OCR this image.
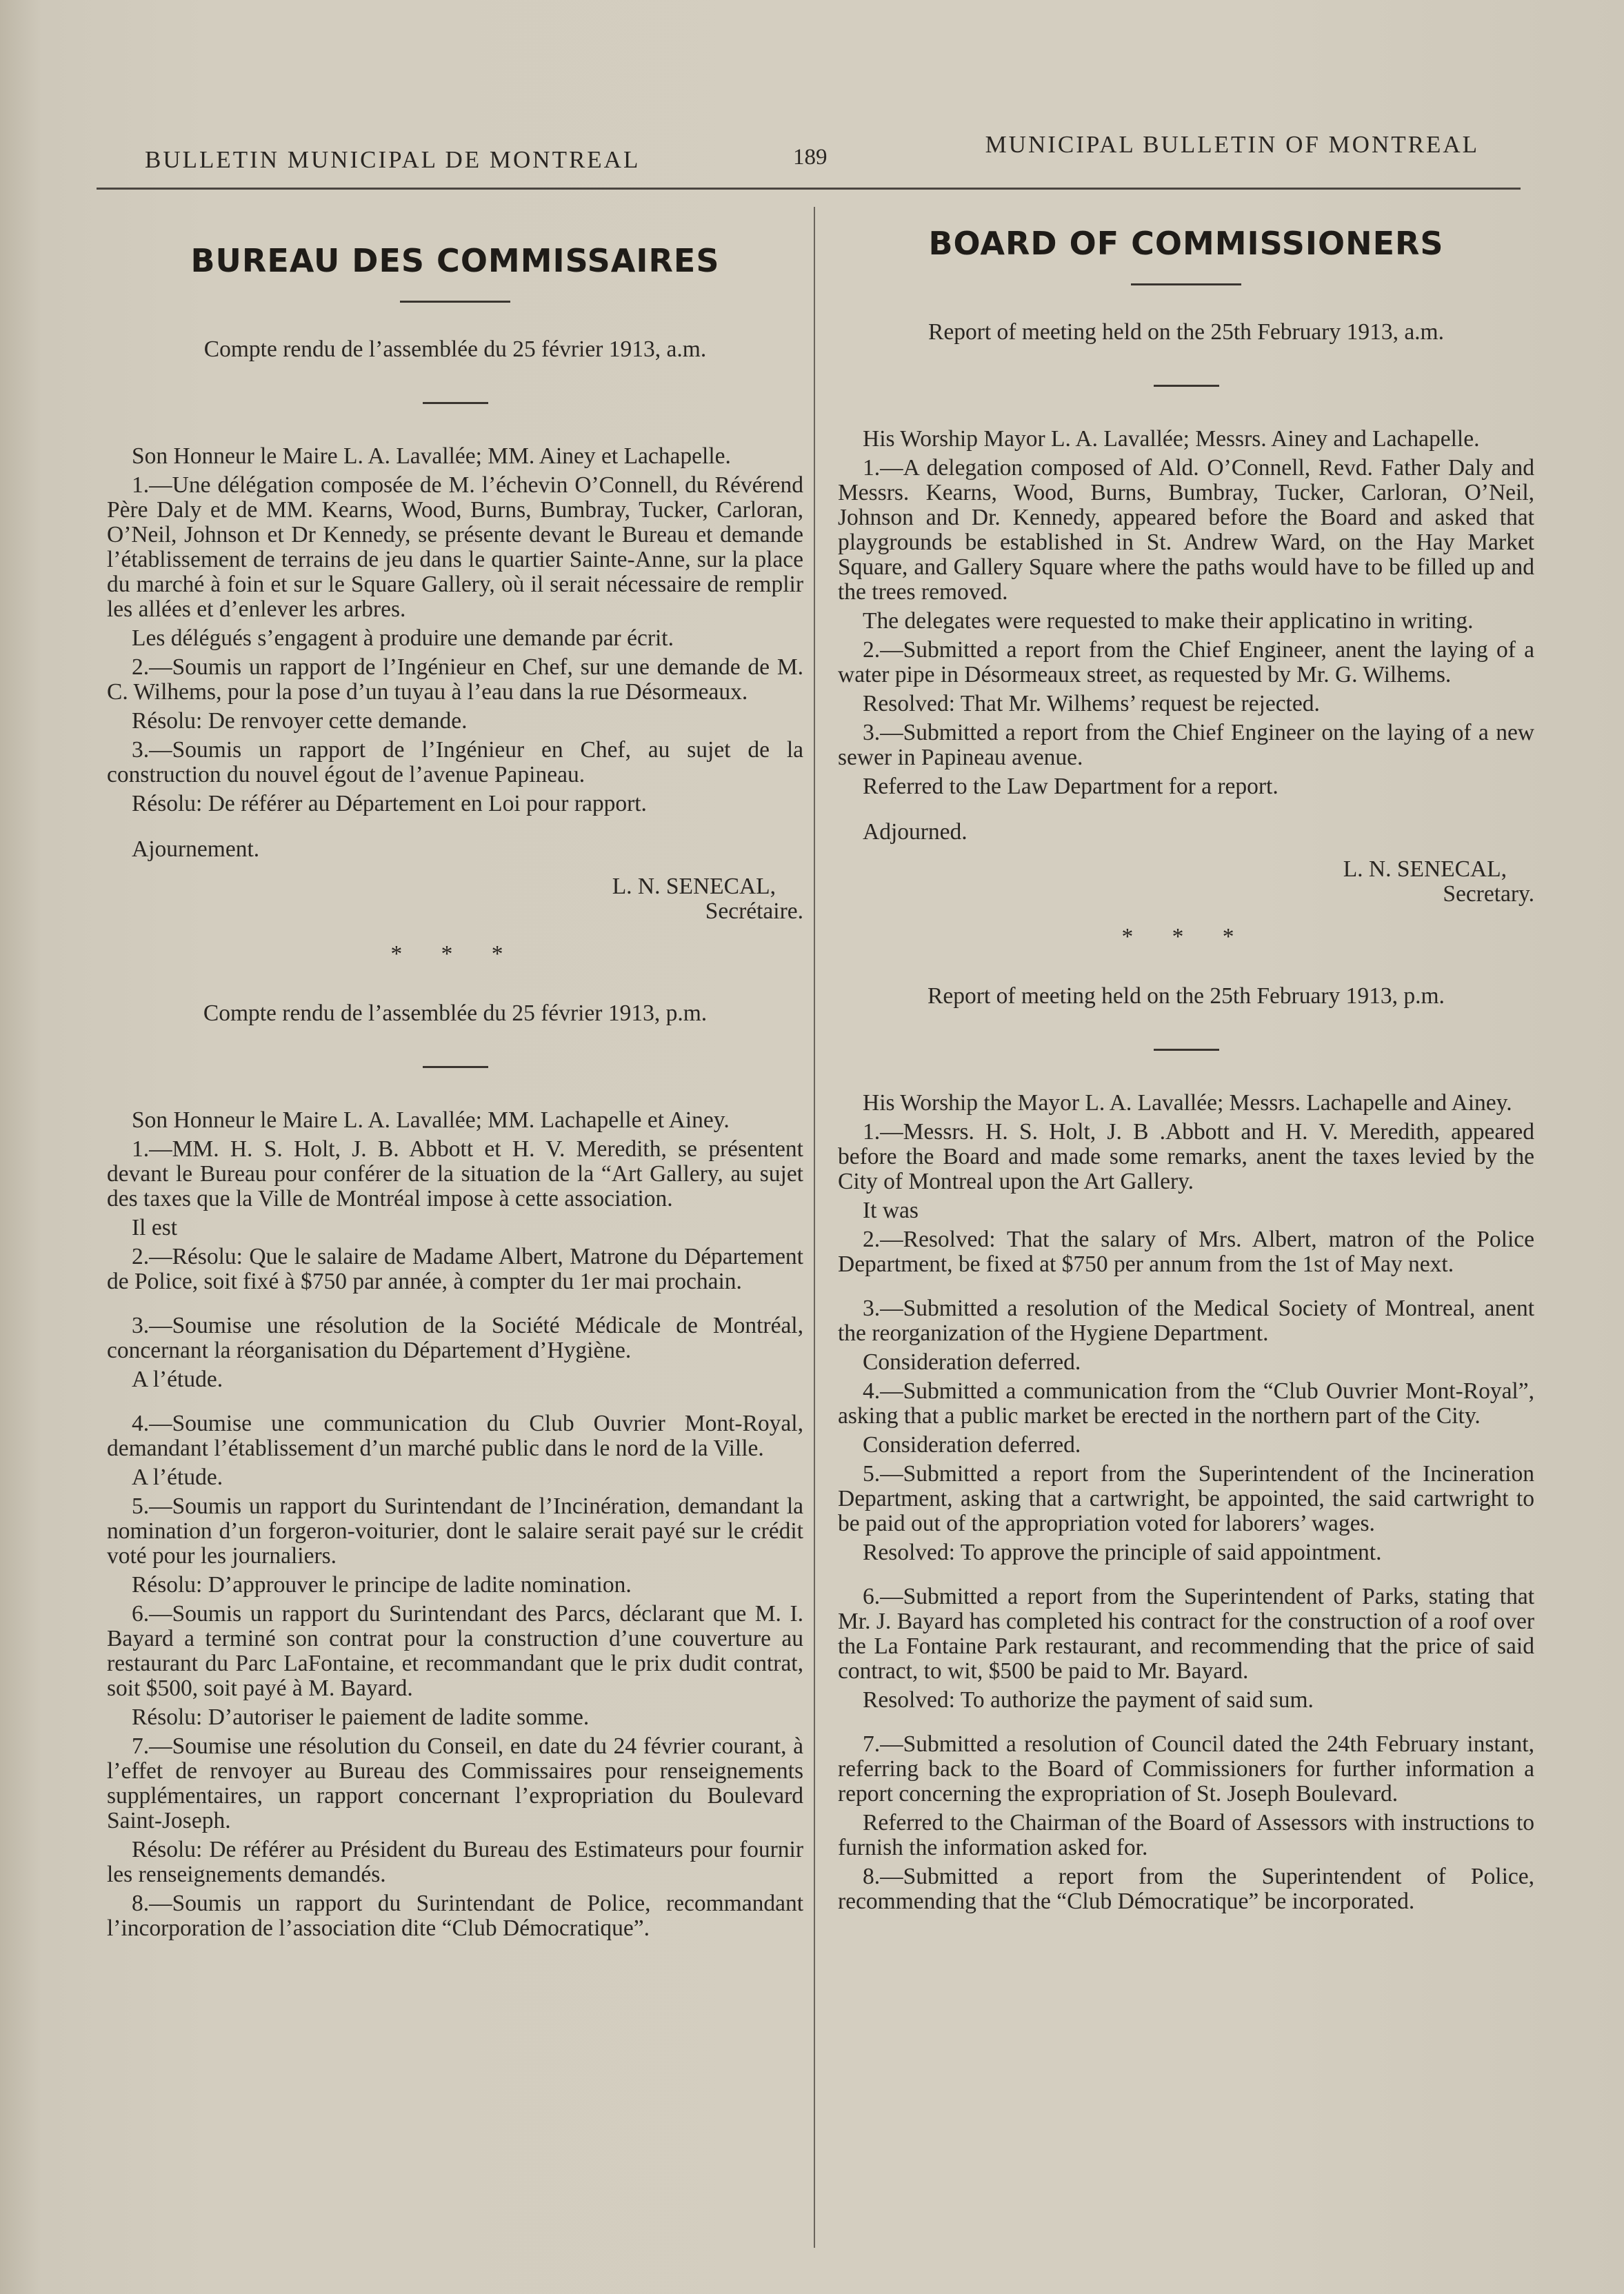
BULLETIN MUNICIPAL DE MONTREAL	189	MUNICIPAL BULLETIN OF MONTREAL
BUREAU DES COMMISSAIRES
Compte rendu de l’assemblée du 25 février 1913, a.m.

Son Honneur le Maire L. A. Lavallée; MM. Ainey et Lachapelle.

1.—Une délégation composée de M. l’échevin O’Connell, du Révérend Père Daly et de MM. Kearns, Wood, Burns, Bumbray, Tucker, Carloran, O’Neil, Johnson et Dr Kennedy, se présente devant le Bureau et demande l’établissement de terrains de jeu dans le quartier Sainte-Anne, sur la place du marché à foin et sur le Square Gallery, où il serait nécessaire de remplir les allées et d’enlever les arbres.

Les délégués s’engagent à produire une demande par écrit.

2.—Soumis un rapport de l’Ingénieur en Chef, sur une demande de M. C. Wilhems, pour la pose d’un tuyau à l’eau dans la rue Désormeaux.

Résolu: De renvoyer cette demande.

3.—Soumis un rapport de l’Ingénieur en Chef, au sujet de la construction du nouvel égout de l’avenue Papineau.

Résolu: De référer au Département en Loi pour rapport.

Ajournement.

L. N. SENECAL,
Secrétaire.
* * *
Compte rendu de l’assemblée du 25 février 1913, p.m.

Son Honneur le Maire L. A. Lavallée; MM. Lachapelle et Ainey.

1.—MM. H. S. Holt, J. B. Abbott et H. V. Meredith, se présentent devant le Bureau pour conférer de la situation de la “Art Gallery, au sujet des taxes que la Ville de Montréal impose à cette association.

Il est

2.—Résolu: Que le salaire de Madame Albert, Matrone du Département de Police, soit fixé à $750 par année, à compter du 1er mai prochain.

3.—Soumise une résolution de la Société Médicale de Montréal, concernant la réorganisation du Département d’Hygiène.

A l’étude.

4.—Soumise une communication du Club Ouvrier Mont-Royal, demandant l’établissement d’un marché public dans le nord de la Ville.

A l’étude.

5.—Soumis un rapport du Surintendant de l’Incinération, demandant la nomination d’un forgeron-voiturier, dont le salaire serait payé sur le crédit voté pour les journaliers.

Résolu: D’approuver le principe de ladite nomination.

6.—Soumis un rapport du Surintendant des Parcs, déclarant que M. I. Bayard a terminé son contrat pour la construction d’une couverture au restaurant du Parc LaFontaine, et recommandant que le prix dudit contrat, soit $500, soit payé à M. Bayard.

Résolu: D’autoriser le paiement de ladite somme.

7.—Soumise une résolution du Conseil, en date du 24 février courant, à l’effet de renvoyer au Bureau des Commissaires pour renseignements supplémentaires, un rapport concernant l’expropriation du Boulevard Saint-Joseph.

Résolu: De référer au Président du Bureau des Estimateurs pour fournir les renseignements demandés.

8.—Soumis un rapport du Surintendant de Police, recommandant l’incorporation de l’association dite “Club Démocratique”.

BOARD OF COMMISSIONERS
Report of meeting held on the 25th February 1913, a.m.

His Worship Mayor L. A. Lavallée; Messrs. Ainey and Lachapelle.

1.—A delegation composed of Ald. O’Connell, Revd. Father Daly and Messrs. Kearns, Wood, Burns, Bumbray, Tucker, Carloran, O’Neil, Johnson and Dr. Kennedy, appeared before the Board and asked that playgrounds be established in St. Andrew Ward, on the Hay Market Square, and Gallery Square where the paths would have to be filled up and the trees removed.

The delegates were requested to make their applicatino in writing.

2.—Submitted a report from the Chief Engineer, anent the laying of a water pipe in Désormeaux street, as requested by Mr. G. Wilhems.

Resolved: That Mr. Wilhems’ request be rejected.

3.—Submitted a report from the Chief Engineer on the laying of a new sewer in Papineau avenue.

Referred to the Law Department for a report.

Adjourned.

L. N. SENECAL,
Secretary.
* * *
Report of meeting held on the 25th February 1913, p.m.

His Worship the Mayor L. A. Lavallée; Messrs. Lachapelle and Ainey.

1.—Messrs. H. S. Holt, J. B .Abbott and H. V. Meredith, appeared before the Board and made some remarks, anent the taxes levied by the City of Montreal upon the Art Gallery.

It was

2.—Resolved: That the salary of Mrs. Albert, matron of the Police Department, be fixed at $750 per annum from the 1st of May next.

3.—Submitted a resolution of the Medical Society of Montreal, anent the reorganization of the Hygiene Department.

Consideration deferred.

4.—Submitted a communication from the “Club Ouvrier Mont-Royal”, asking that a public market be erected in the northern part of the City.

Consideration deferred.

5.—Submitted a report from the Superintendent of the Incineration Department, asking that a cartwright, be appointed, the said cartwright to be paid out of the appropriation voted for laborers’ wages.

Resolved: To approve the principle of said appointment.

6.—Submitted a report from the Superintendent of Parks, stating that Mr. J. Bayard has completed his contract for the construction of a roof over the La Fontaine Park restaurant, and recommending that the price of said contract, to wit, $500 be paid to Mr. Bayard.

Resolved: To authorize the payment of said sum.

7.—Submitted a resolution of Council dated the 24th February instant, referring back to the Board of Commissioners for further information a report concerning the expropriation of St. Joseph Boulevard.

Referred to the Chairman of the Board of Assessors with instructions to furnish the information asked for.

8.—Submitted a report from the Superintendent of Police, recommending that the “Club Démocratique” be incorporated.
